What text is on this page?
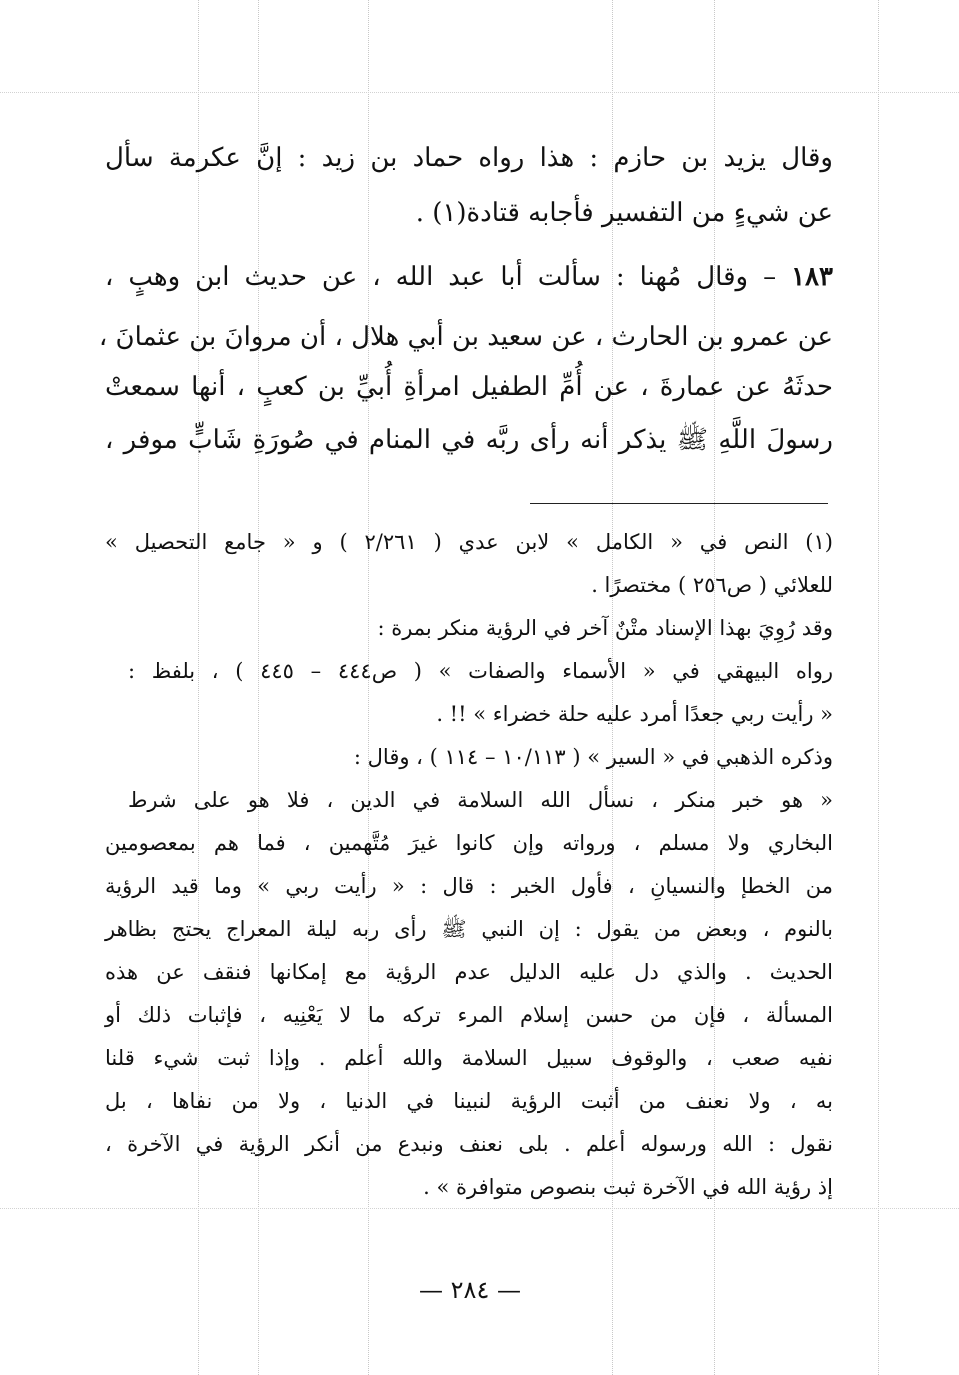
وقال يزيد بن حازم : هذا رواه حماد بن زيد : إنَّ عكرمة سأل
عن شيءٍ من التفسير فأجابه قتادة(١) .
١٨٣ – وقال مُهنا : سألت أبا عبد الله ، عن حديث ابن وهبٍ ،
عن عمرو بن الحارث ، عن سعيد بن أبي هلال ، أن مروانَ بن عثمانَ ،
حدثَهُ عن عمارةَ ، عن أُمِّ الطفيل امرأةِ أُبيِّ بن كعبٍ ، أنها سمعتْ
رسولَ اللَّهِ ﷺ يذكر أنه رأى ربَّه في المنام في صُورَةِ شَابٍّ موفر ،
(١) النص في « الكامل » لابن عدي ( ٢/٢٦١ ) و « جامع التحصيل »
للعلائي ( ص٢٥٦ ) مختصرًا .
وقد رُوِيَ بهذا الإسناد متْنٌ آخر في الرؤية منكر بمرة :
رواه البيهقي في « الأسماء والصفات » ( ص٤٤٤ – ٤٤٥ ) ، بلفظ :
« رأيت ربي جعدًا أمرد عليه حلة خضراء » !! .
وذكره الذهبي في « السير » ( ١٠/١١٣ – ١١٤ ) ، وقال :
« هو خبر منكر ، نسأل الله السلامة في الدين ، فلا هو على شرط
البخاري ولا مسلم ، ورواته وإن كانوا غيرَ مُتَّهمين ، فما هم بمعصومين
من الخطإ والنسيانِ ، فأول الخبر : قال : « رأيت ربي » وما قيد الرؤية
بالنوم ، وبعض من يقول : إن النبي ﷺ رأى ربه ليلة المعراج يحتج بظاهر
الحديث . والذي دل عليه الدليل عدم الرؤية مع إمكانها فنقف عن هذه
المسألة ، فإن من حسن إسلام المرء تركه ما لا يَعْنِيه ، فإثبات ذلك أو
نفيه صعب ، والوقوف سبيل السلامة والله أعلم . وإذا ثبت شيء قلنا
به ، ولا نعنف من أثبت الرؤية لنبينا في الدنيا ، ولا من نفاها ، بل
نقول : الله ورسوله أعلم . بلى نعنف ونبدع من أنكر الرؤية في الآخرة ،
إذ رؤية الله في الآخرة ثبت بنصوص متوافرة » .
— ٢٨٤ —
